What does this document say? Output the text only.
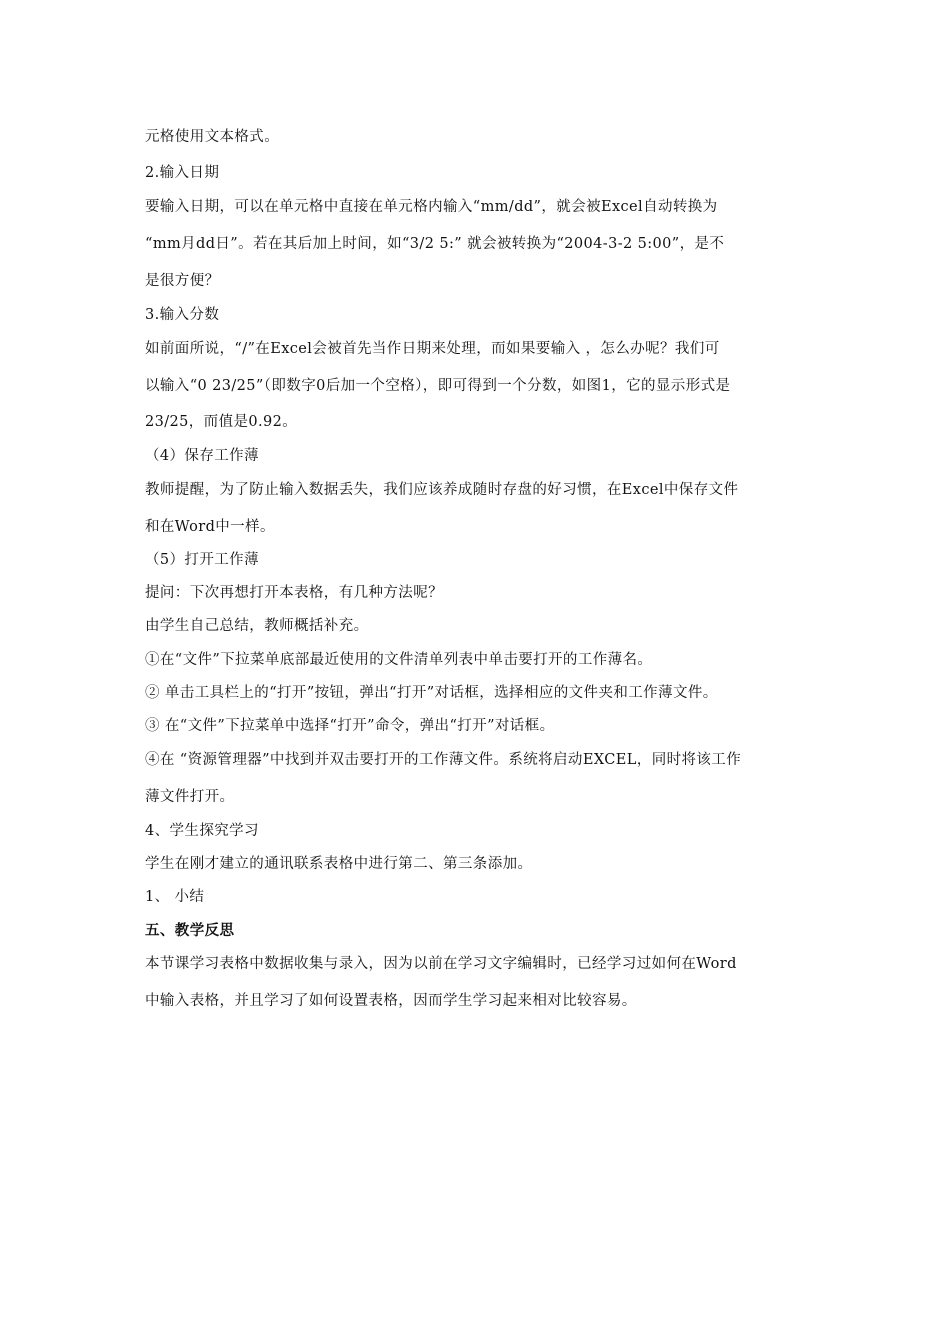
元格使用文本格式。
2.输入日期
要输入日期，可以在单元格中直接在单元格内输入“mm/dd”，就会被Excel自动转换为
“mm月dd日”。若在其后加上时间，如“3/2 5:” 就会被转换为“2004-3-2 5:00”，是不
是很方便？
3.输入分数
如前面所说，“/”在Excel会被首先当作日期来处理，而如果要输入 ，怎么办呢？我们可
以输入“0 23/25”（即数字0后加一个空格），即可得到一个分数，如图1，它的显示形式是
23/25，而值是0.92。
（4）保存工作薄
教师提醒，为了防止输入数据丢失，我们应该养成随时存盘的好习惯，在Excel中保存文件
和在Word中一样。
（5）打开工作薄
提问：下次再想打开本表格，有几种方法呢？
由学生自己总结，教师概括补充。
①在“文件”下拉菜单底部最近使用的文件清单列表中单击要打开的工作薄名。
② 单击工具栏上的“打开”按钮，弹出“打开”对话框，选择相应的文件夹和工作薄文件。
③ 在“文件”下拉菜单中选择“打开”命令，弹出“打开”对话框。
④在 “资源管理器”中找到并双击要打开的工作薄文件。系统将启动EXCEL，同时将该工作
薄文件打开。
4、学生探究学习
学生在刚才建立的通讯联系表格中进行第二、第三条添加。
1、 小结
五、教学反思
本节课学习表格中数据收集与录入，因为以前在学习文字编辑时，已经学习过如何在Word
中输入表格，并且学习了如何设置表格，因而学生学习起来相对比较容易。
